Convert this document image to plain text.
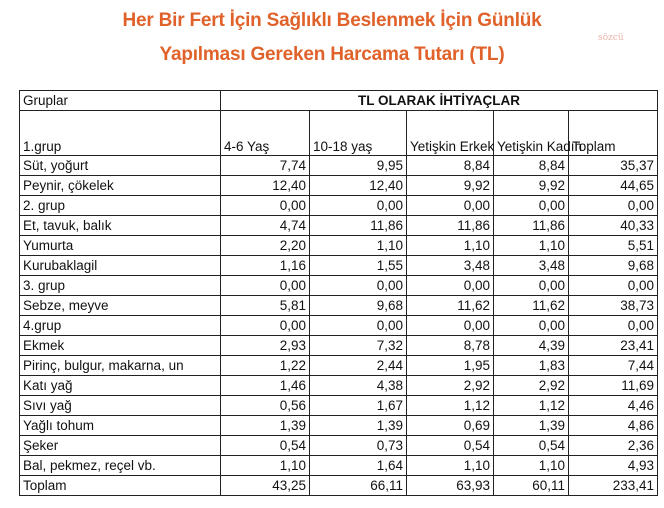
Her Bir Fert İçin Sağlıklı Beslenmek İçin Günlük
Yapılması Gereken Harcama Tutarı (TL)
sözcü
Gruplar	TL OLARAK İHTİYAÇLAR				
1.grup	4-6 Yaş	10-18 yaş	Yetişkin Erkek	Yetişkin Kadın	Toplam
Süt, yoğurt	7,74	9,95	8,84	8,84	35,37
Peynir, çökelek	12,40	12,40	9,92	9,92	44,65
2. grup	0,00	0,00	0,00	0,00	0,00
Et, tavuk, balık	4,74	11,86	11,86	11,86	40,33
Yumurta	2,20	1,10	1,10	1,10	5,51
Kurubaklagil	1,16	1,55	3,48	3,48	9,68
3. grup	0,00	0,00	0,00	0,00	0,00
Sebze, meyve	5,81	9,68	11,62	11,62	38,73
4.grup	0,00	0,00	0,00	0,00	0,00
Ekmek	2,93	7,32	8,78	4,39	23,41
Pirinç, bulgur, makarna, un	1,22	2,44	1,95	1,83	7,44
Katı yağ	1,46	4,38	2,92	2,92	11,69
Sıvı yağ	0,56	1,67	1,12	1,12	4,46
Yağlı tohum	1,39	1,39	0,69	1,39	4,86
Şeker	0,54	0,73	0,54	0,54	2,36
Bal, pekmez, reçel vb.	1,10	1,64	1,10	1,10	4,93
Toplam	43,25	66,11	63,93	60,11	233,41
